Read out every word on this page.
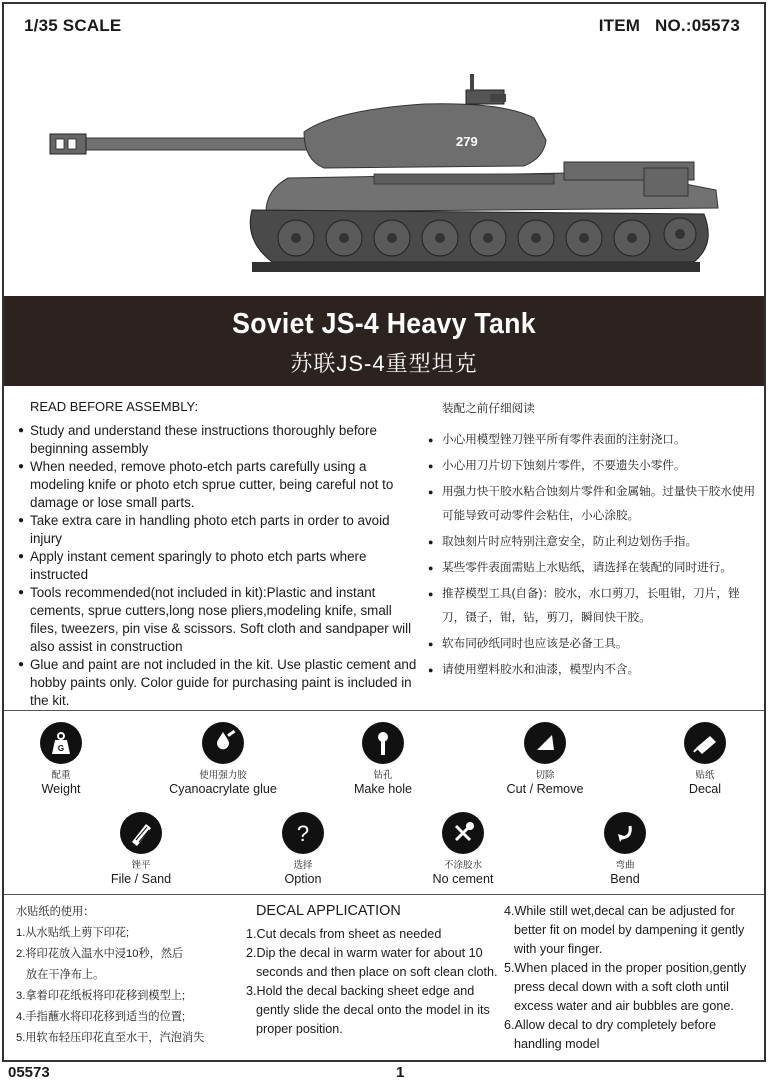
1/35 SCALE	ITEM NO.:05573
279
Soviet JS-4 Heavy Tank
苏联JS-4重型坦克
READ BEFORE ASSEMBLY:
● Study and understand these instructions thoroughly before beginning assembly
● When needed, remove photo-etch parts carefully using a modeling knife or photo etch sprue cutter, being careful not to damage or lose small parts.
● Take extra care in handling photo etch parts in order to avoid injury
● Apply instant cement sparingly to photo etch parts where instructed
● Tools recommended(not included in kit):Plastic and instant cements, sprue cutters,long nose pliers,modeling knife, small files, tweezers, pin vise & scissors. Soft cloth and sandpaper will also assist in construction
● Glue and paint are not included in the kit. Use plastic cement and hobby paints only. Color guide for purchasing paint is included in the kit.
装配之前仔细阅读
● 小心用模型锉刀锉平所有零件表面的注射浇口。
● 小心用刀片切下蚀刻片零件，不要遗失小零件。
● 用强力快干胶水粘合蚀刻片零件和金属轴。过量快干胶水使用可能导致可动零件会粘住，小心涂胶。
● 取蚀刻片时应特别注意安全，防止利边划伤手指。
● 某些零件表面需贴上水贴纸，请选择在装配的同时进行。
● 推荐模型工具(自备)：胶水，水口剪刀，长咀钳，刀片，锉刀，镊子，钳，钻，剪刀，瞬间快干胶。
● 软布同砂纸同时也应该是必备工具。
● 请使用塑料胶水和油漆，模型内不含。
G
配重
Weight
使用强力胶
Cyanoacrylate glue
钻孔
Make hole
切除
Cut / Remove
贴纸
Decal
锉平
File / Sand
?
选择
Option
不涂胶水
No cement
弯曲
Bend
水贴纸的使用：
1.从水贴纸上剪下印花;
2.将印花放入温水中浸10秒，然后
放在干净布上。
3.拿着印花纸板将印花移到模型上;
4.手指蘸水将印花移到适当的位置;
5.用软布轻压印花直至水干，汽泡消失
DECAL APPLICATION
1.Cut decals from sheet as needed
2.Dip the decal in warm water for about 10
seconds and then place on soft clean cloth.
3.Hold the decal backing sheet edge and
gently slide the decal onto the model in its
proper position.
4.While still wet,decal can be adjusted for
better fit on model by dampening it gently
with your finger.
5.When placed in the proper position,gently
press decal down with a soft cloth until
excess water and air bubbles are gone.
6.Allow decal to dry completely before
handling model
05573	1
